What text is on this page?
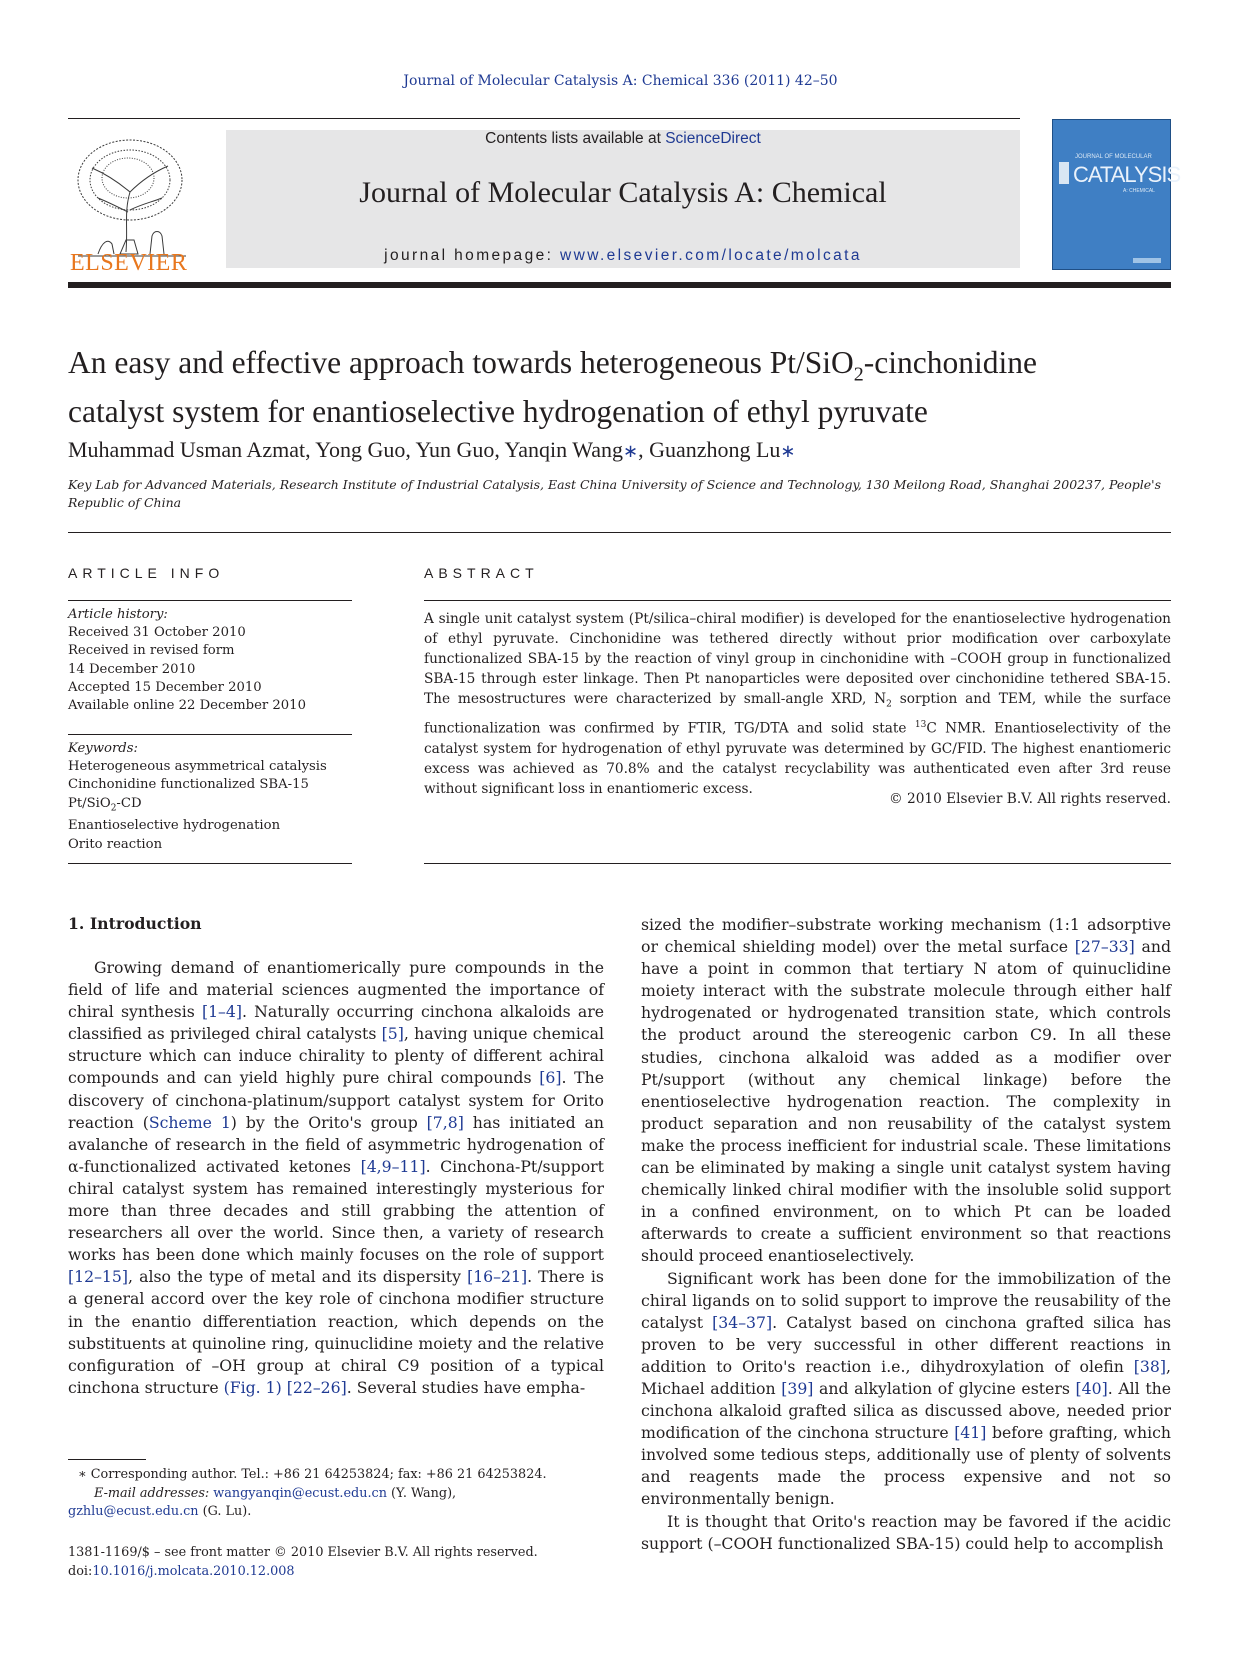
Journal of Molecular Catalysis A: Chemical 336 (2011) 42–50
ELSEVIER
Contents lists available at ScienceDirect
Journal of Molecular Catalysis A: Chemical
journal homepage: www.elsevier.com/locate/molcata
JOURNAL OF MOLECULAR
CATALYSIS
A: CHEMICAL
An easy and effective approach towards heterogeneous Pt/SiO$_2$-cinchonidine
catalyst system for enantioselective hydrogenation of ethyl pyruvate
Muhammad Usman Azmat, Yong Guo, Yun Guo, Yanqin Wang∗, Guanzhong Lu∗
Key Lab for Advanced Materials, Research Institute of Industrial Catalysis, East China University of Science and Technology, 130 Meilong Road, Shanghai 200237, People's Republic of China
ARTICLE INFO	ABSTRACT
Article history:
Received 31 October 2010
Received in revised form
14 December 2010
Accepted 15 December 2010
Available online 22 December 2010
Keywords:
Heterogeneous asymmetrical catalysis
Cinchonidine functionalized SBA-15
Pt/SiO$_2$-CD
Enantioselective hydrogenation
Orito reaction
A single unit catalyst system (Pt/silica–chiral modifier) is developed for the enantioselective hydrogenation of ethyl pyruvate. Cinchonidine was tethered directly without prior modification over carboxylate functionalized SBA-15 by the reaction of vinyl group in cinchonidine with –COOH group in functionalized SBA-15 through ester linkage. Then Pt nanoparticles were deposited over cinchonidine tethered SBA-15. The mesostructures were characterized by small-angle XRD, $N_2$ sorption and TEM, while the surface functionalization was confirmed by FTIR, TG/DTA and solid state $^{13}$C NMR. Enantioselectivity of the catalyst system for hydrogenation of ethyl pyruvate was determined by GC/FID. The highest enantiomeric excess was achieved as 70.8% and the catalyst recyclability was authenticated even after 3rd reuse without significant loss in enantiomeric excess.
© 2010 Elsevier B.V. All rights reserved.
1. Introduction

Growing demand of enantiomerically pure compounds in the field of life and material sciences augmented the importance of chiral synthesis [1–4]. Naturally occurring cinchona alkaloids are classified as privileged chiral catalysts [5], having unique chemical structure which can induce chirality to plenty of different achiral compounds and can yield highly pure chiral compounds [6]. The discovery of cinchona-platinum/support catalyst system for Orito reaction (Scheme 1) by the Orito's group [7,8] has initiated an avalanche of research in the field of asymmetric hydrogenation of α-functionalized activated ketones [4,9–11]. Cinchona-Pt/support chiral catalyst system has remained interestingly mysterious for more than three decades and still grabbing the attention of researchers all over the world. Since then, a variety of research works has been done which mainly focuses on the role of support [12–15], also the type of metal and its dispersity [16–21]. There is a general accord over the key role of cinchona modifier structure in the enantio differentiation reaction, which depends on the substituents at quinoline ring, quinuclidine moiety and the relative configuration of –OH group at chiral C9 position of a typical cinchona structure (Fig. 1) [22–26]. Several studies have empha-

sized the modifier–substrate working mechanism (1:1 adsorptive or chemical shielding model) over the metal surface [27–33] and have a point in common that tertiary N atom of quinuclidine moiety interact with the substrate molecule through either half hydrogenated or hydrogenated transition state, which controls the product around the stereogenic carbon C9. In all these studies, cinchona alkaloid was added as a modifier over Pt/support (without any chemical linkage) before the enentioselective hydrogenation reaction. The complexity in product separation and non reusability of the catalyst system make the process inefficient for industrial scale. These limitations can be eliminated by making a single unit catalyst system having chemically linked chiral modifier with the insoluble solid support in a confined environment, on to which Pt can be loaded afterwards to create a sufficient environment so that reactions should proceed enantioselectively.

Significant work has been done for the immobilization of the chiral ligands on to solid support to improve the reusability of the catalyst [34–37]. Catalyst based on cinchona grafted silica has proven to be very successful in other different reactions in addition to Orito's reaction i.e., dihydroxylation of olefin [38], Michael addition [39] and alkylation of glycine esters [40]. All the cinchona alkaloid grafted silica as discussed above, needed prior modification of the cinchona structure [41] before grafting, which involved some tedious steps, additionally use of plenty of solvents and reagents made the process expensive and not so environmentally benign.

It is thought that Orito's reaction may be favored if the acidic support (–COOH functionalized SBA-15) could help to accomplish

∗ Corresponding author. Tel.: +86 21 64253824; fax: +86 21 64253824.
E-mail addresses: wangyanqin@ecust.edu.cn (Y. Wang),
gzhlu@ecust.edu.cn (G. Lu).
1381-1169/$ – see front matter © 2010 Elsevier B.V. All rights reserved.
doi:10.1016/j.molcata.2010.12.008
